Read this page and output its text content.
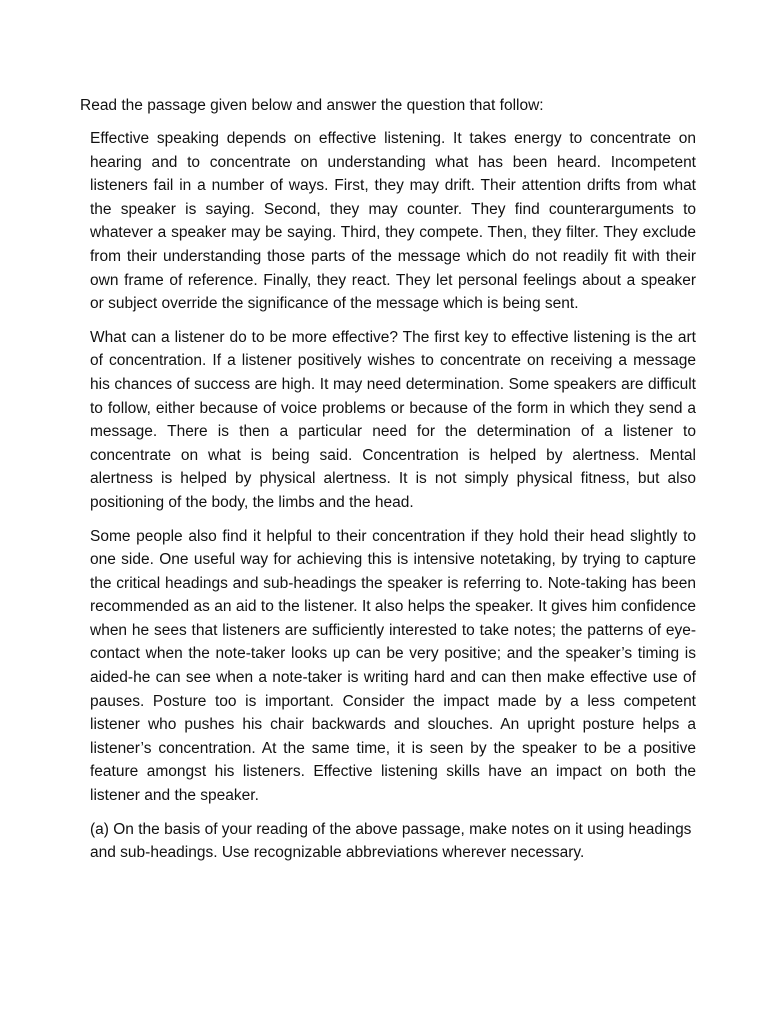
Read the passage given below and answer the question that follow:

Effective speaking depends on effective listening. It takes energy to concentrate on hearing and to concentrate on understanding what has been heard. Incompetent listeners fail in a number of ways. First, they may drift. Their attention drifts from what the speaker is saying. Second, they may counter. They find counterarguments to whatever a speaker may be saying. Third, they compete. Then, they filter. They exclude from their understanding those parts of the message which do not readily fit with their own frame of reference. Finally, they react. They let personal feelings about a speaker or subject override the significance of the message which is being sent.

What can a listener do to be more effective? The first key to effective listening is the art of concentration. If a listener positively wishes to concentrate on receiving a message his chances of success are high. It may need determination. Some speakers are difficult to follow, either because of voice problems or because of the form in which they send a message. There is then a particular need for the determination of a listener to concentrate on what is being said. Concentration is helped by alertness. Mental alertness is helped by physical alertness. It is not simply physical fitness, but also positioning of the body, the limbs and the head.

Some people also find it helpful to their concentration if they hold their head slightly to one side. One useful way for achieving this is intensive notetaking, by trying to capture the critical headings and sub-headings the speaker is referring to. Note-taking has been recommended as an aid to the listener. It also helps the speaker. It gives him confidence when he sees that listeners are sufficiently interested to take notes; the patterns of eye-contact when the note-taker looks up can be very positive; and the speaker’s timing is aided-he can see when a note-taker is writing hard and can then make effective use of pauses. Posture too is important. Consider the impact made by a less competent listener who pushes his chair backwards and slouches. An upright posture helps a listener’s concentration. At the same time, it is seen by the speaker to be a positive feature amongst his listeners. Effective listening skills have an impact on both the listener and the speaker.

(a) On the basis of your reading of the above passage, make notes on it using headings and sub-headings. Use recognizable abbreviations wherever necessary.
